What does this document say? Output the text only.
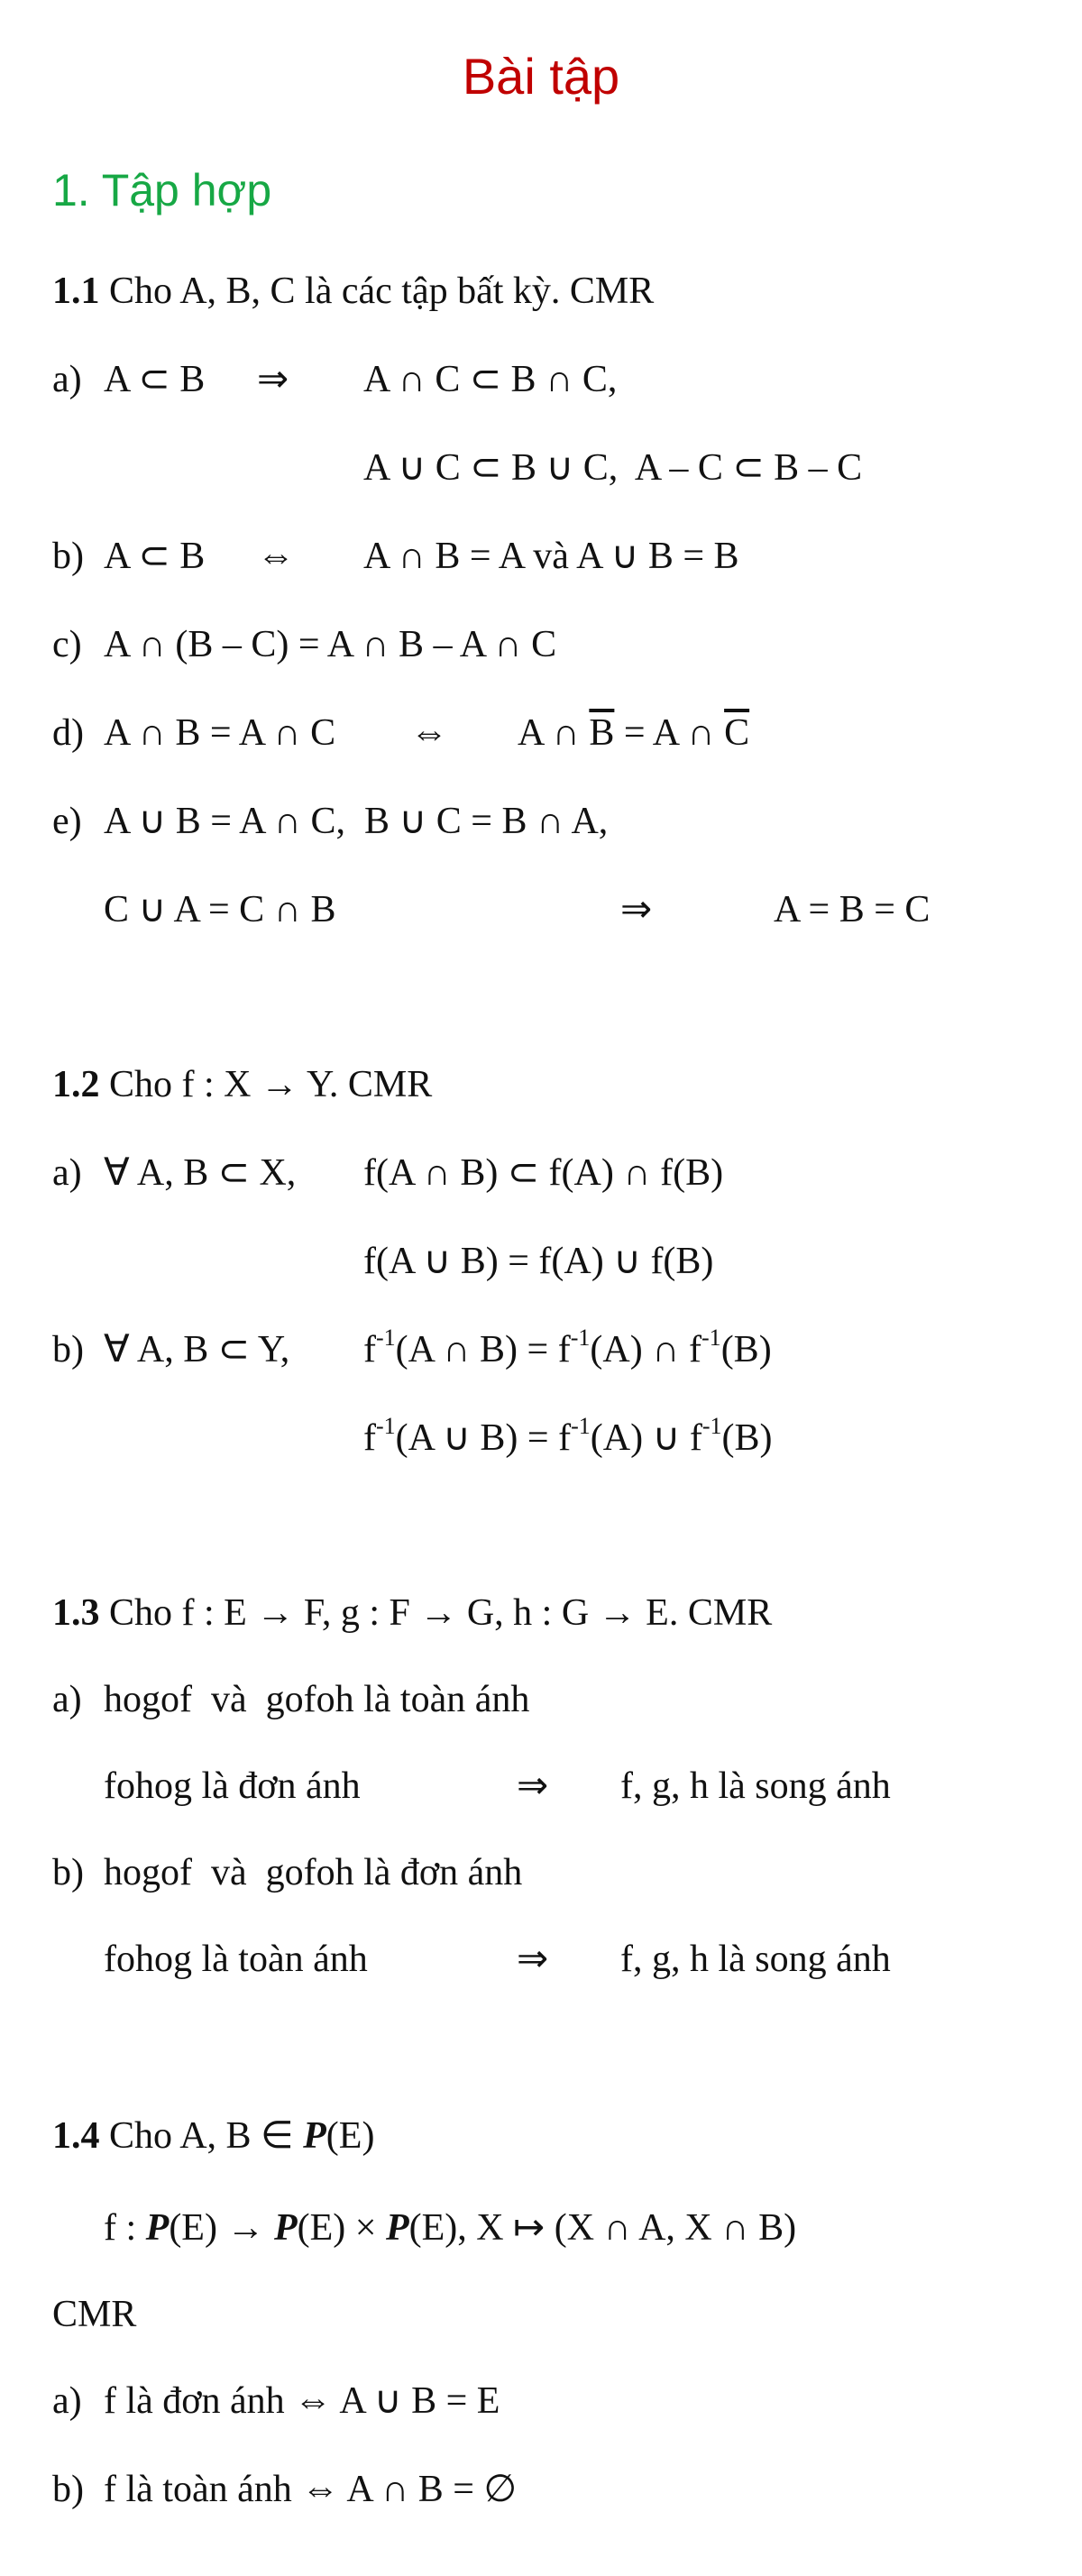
Bài tập
1. Tập hợp
1.1 Cho A, B, C là các tập bất kỳ. CMR
a) A ⊂ B ⇒ A ∩ C ⊂ B ∩ C,
A ∪ C ⊂ B ∪ C,  A – C ⊂ B – C
b) A ⊂ B ⇔ A ∩ B = A và A ∪ B = B
c) A ∩ (B – C) = A ∩ B – A ∩ C
d) A ∩ B = A ∩ C ⇔ A ∩ $\overline{B} = A$ ∩ $\overline{C}$
e) A ∪ B = A ∩ C,  B ∪ C = B ∩ A,
C ∪ A = C ∩ B	⇒	A = B = C
1.2 Cho f : X → Y. CMR
a) ∀ A, B ⊂ X, f(A ∩ B) ⊂ f(A) ∩ f(B)
f(A ∪ B) = f(A) ∪ f(B)
b) ∀ A, B ⊂ Y, $f^{-1}(A$ ∩ $B) = f^{-1}(A)$ ∩ $f^{-1}(B)$
$f^{-1}(A$ ∪ $B) = f^{-1}(A)$ ∪ $f^{-1}(B)$
1.3 Cho f : E → F, g : F → G, h : G → E. CMR
a) hogof  và  gofoh là toàn ánh
fohog là đơn ánh	⇒ f, g, h là song ánh
b) hogof  và  gofoh là đơn ánh
fohog là toàn ánh	⇒ f, g, h là song ánh
1.4 Cho A, B ∈ P(E)
f : P(E) → P(E) × P(E), X ↦ (X ∩ A, X ∩ B)
CMR
a) f là đơn ánh ⇔ A ∪ B = E
b) f là toàn ánh ⇔ A ∩ B = ∅
